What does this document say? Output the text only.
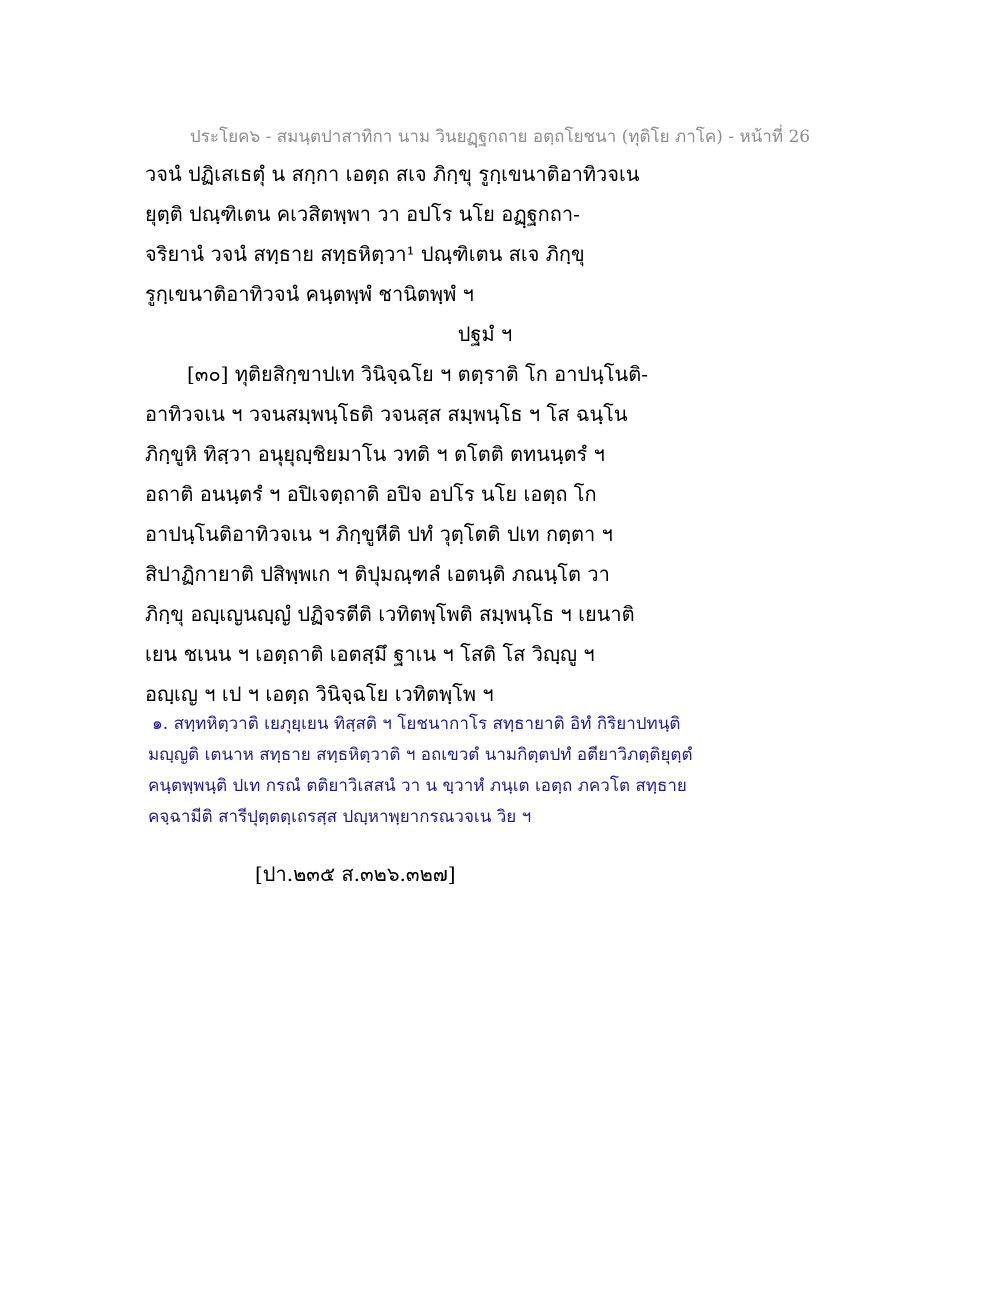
ประโยค๖ - สมนฺตปาสาทิกา นาม วินยฏฺฐกถาย อตฺถโยชนา (ทุติโย ภาโค) - หน้าที่ 26
วจนํ ปฏิเสเธตุํ น สกฺกา เอตฺถ สเจ ภิกฺขุ รูกฺเขนาติอาทิวจเน
ยุตฺติ ปณฺฑิเตน คเวสิตพฺพา วา อปโร นโย อฏฺฐกถา-
จริยานํ วจนํ สทฺธาย สทฺธหิตฺวา¹ ปณฺฑิเตน สเจ ภิกฺขุ
รูกฺเขนาติอาทิวจนํ คนฺตพฺพํ ชานิตพฺพํ ฯ
ปฐมํ ฯ
[๓๐] ทุติยสิกฺขาปเท วินิจฺฉโย ฯ ตตฺราติ โก อาปนฺโนติ-
อาทิวจเน ฯ วจนสมฺพนฺโธติ วจนสฺส สมฺพนฺโธ ฯ โส ฉนฺโน
ภิกฺขูหิ ทิสฺวา อนุยุญฺชิยมาโน วทติ ฯ ตโตติ ตทนนฺตรํ ฯ
อถาติ อนนฺตรํ ฯ อปิเจตฺถาติ อปิจ อปโร นโย เอตฺถ โก
อาปนฺโนติอาทิวจเน ฯ ภิกฺขูหีติ ปทํ วุตฺโตติ ปเท กตฺตา ฯ
สิปาฏิกายาติ ปสิพฺพเก ฯ ติปุมณฺฑลํ เอตนฺติ ภณนฺโต วา
ภิกฺขุ อญฺเญนญฺญํ ปฏิจรตีติ เวทิตพฺโพติ สมฺพนฺโธ ฯ เยนาติ
เยน ชเนน ฯ เอตฺถาติ เอตสฺมึ ฐาเน ฯ โสติ โส วิญฺญู ฯ
อญฺเญ ฯ เป ฯ เอตฺถ วินิจฺฉโย เวทิตพฺโพ ฯ
๑. สทฺทหิตฺวาติ เยภุยฺเยน ทิสฺสติ ฯ โยชนากาโร สทฺธายาติ อิทํ กิริยาปทนฺติ
มญฺญติ เตนาห สทฺธาย สทฺธหิตฺวาติ ฯ อถเขวตํ นามกิตฺตปทํ อตียาวิภตฺติยุตฺตํ
คนฺตพฺพนฺติ ปเท กรณํ ตติยาวิเสสนํ วา น ขฺวาหํ ภนฺเต เอตฺถ ภควโต สทฺธาย
คจฺฉามีติ สารีปุตฺตตฺเถรสฺส ปญฺหาพฺยากรณวจเน วิย ฯ
[ปา.๒๓๕ ส.๓๒๖.๓๒๗]
